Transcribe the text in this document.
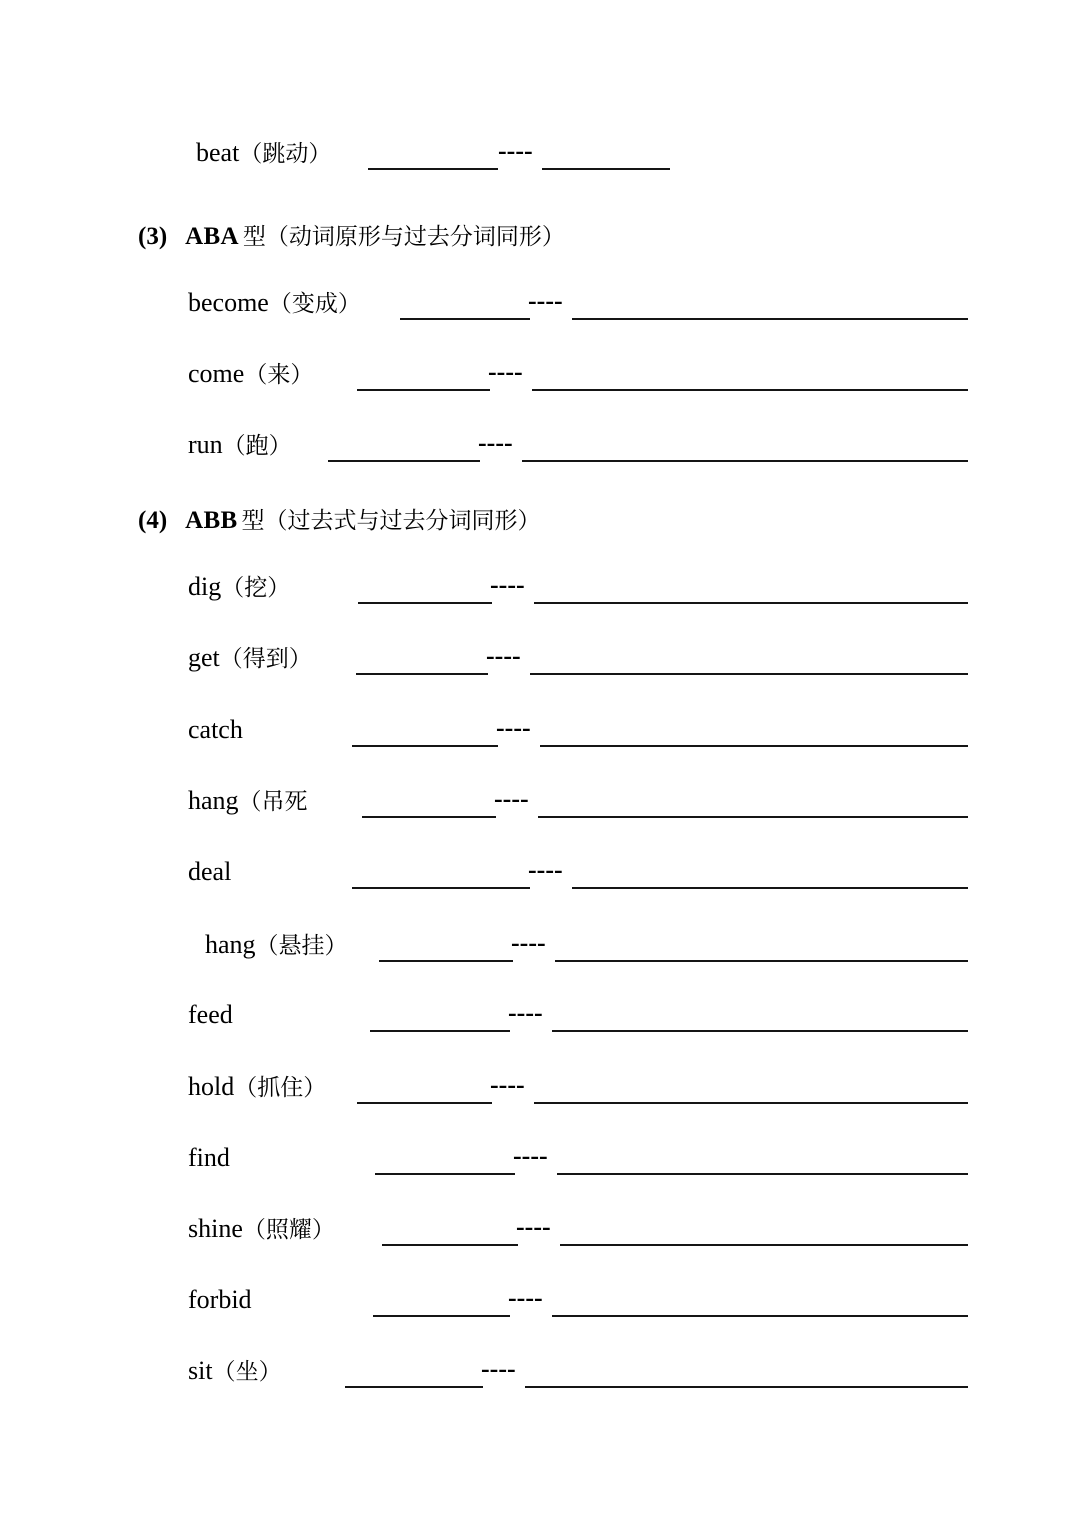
beat（跳动）	----
(3) ABA 型（动词原形与过去分词同形）
become（变成）	----
come（来）	----
run（跑）	----
(4) ABB 型（过去式与过去分词同形）
dig（挖）	----
get（得到）	----
catch	----
hang（吊死	----
deal	----
hang（悬挂）	----
feed	----
hold（抓住）	----
find	----
shine（照耀）	----
forbid	----
sit（坐）	----
